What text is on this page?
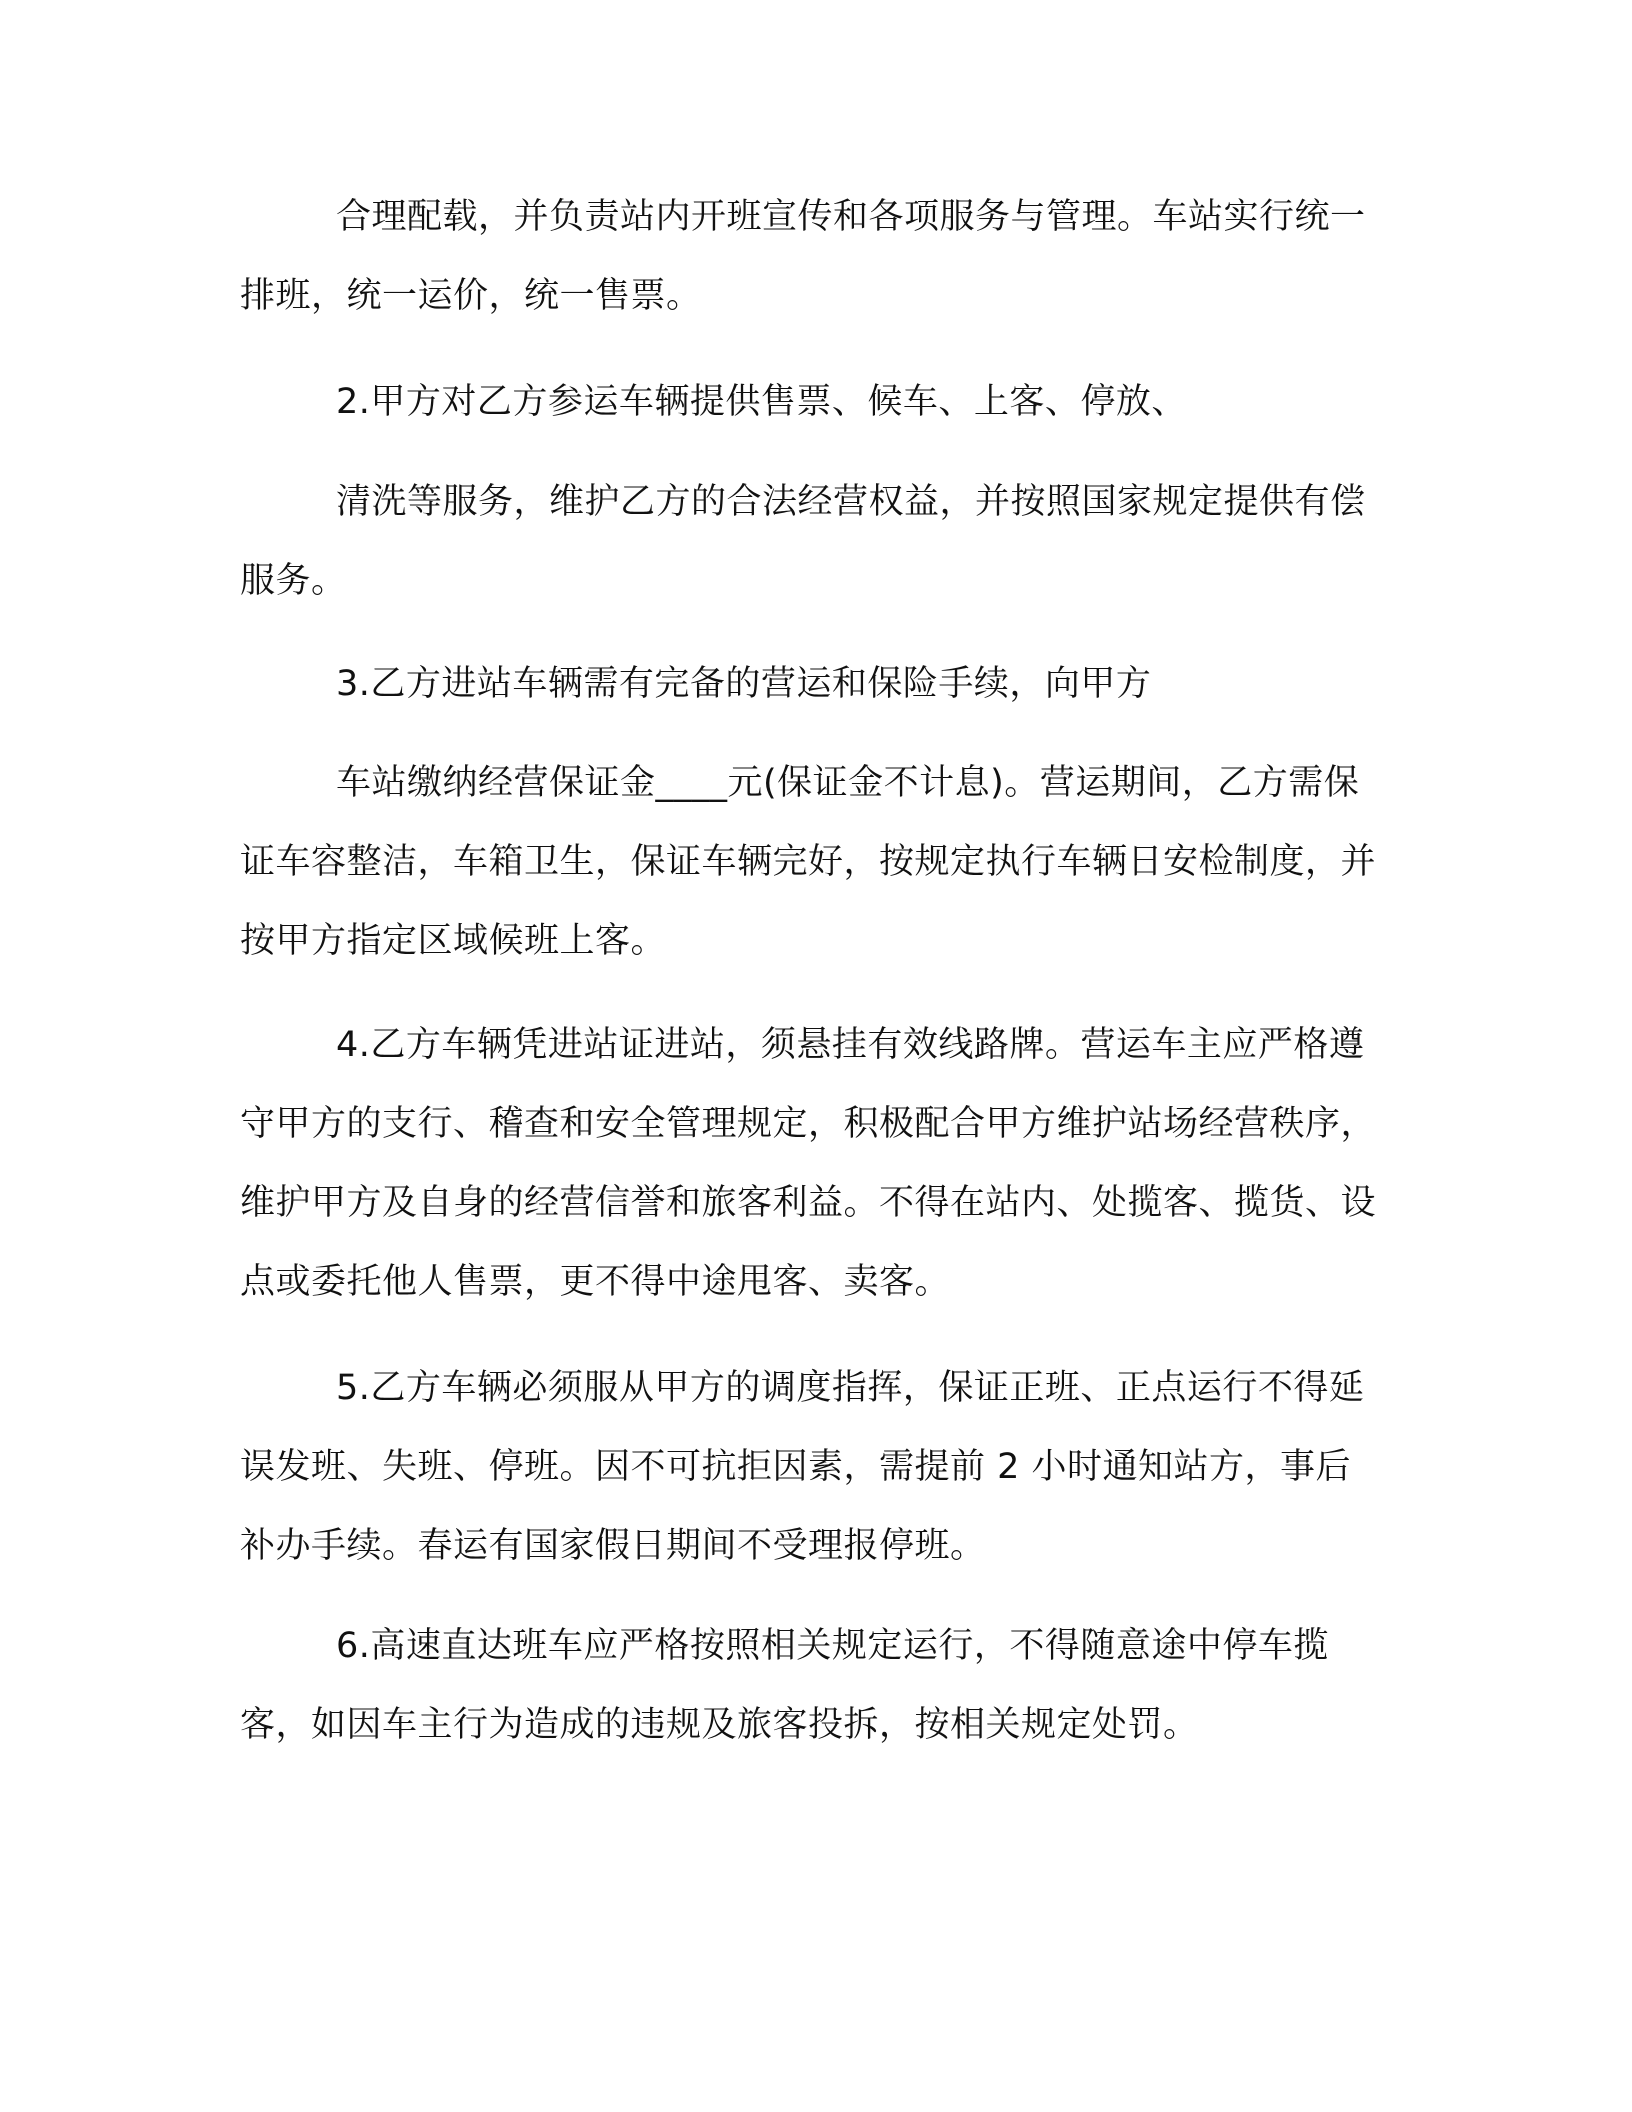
合理配载，并负责站内开班宣传和各项服务与管理。车站实行统一排班，统一运价，统一售票。

2.甲方对乙方参运车辆提供售票、候车、上客、停放、

清洗等服务，维护乙方的合法经营权益，并按照国家规定提供有偿服务。

3.乙方进站车辆需有完备的营运和保险手续，向甲方

车站缴纳经营保证金____元(保证金不计息)。营运期间，乙方需保证车容整洁，车箱卫生，保证车辆完好，按规定执行车辆日安检制度，并按甲方指定区域候班上客。

4.乙方车辆凭进站证进站，须悬挂有效线路牌。营运车主应严格遵守甲方的支行、稽查和安全管理规定，积极配合甲方维护站场经营秩序，维护甲方及自身的经营信誉和旅客利益。不得在站内、处揽客、揽货、设点或委托他人售票，更不得中途甩客、卖客。

5.乙方车辆必须服从甲方的调度指挥，保证正班、正点运行不得延误发班、失班、停班。因不可抗拒因素，需提前 2 小时通知站方，事后补办手续。春运有国家假日期间不受理报停班。

6.高速直达班车应严格按照相关规定运行，不得随意途中停车揽客，如因车主行为造成的违规及旅客投拆，按相关规定处罚。
